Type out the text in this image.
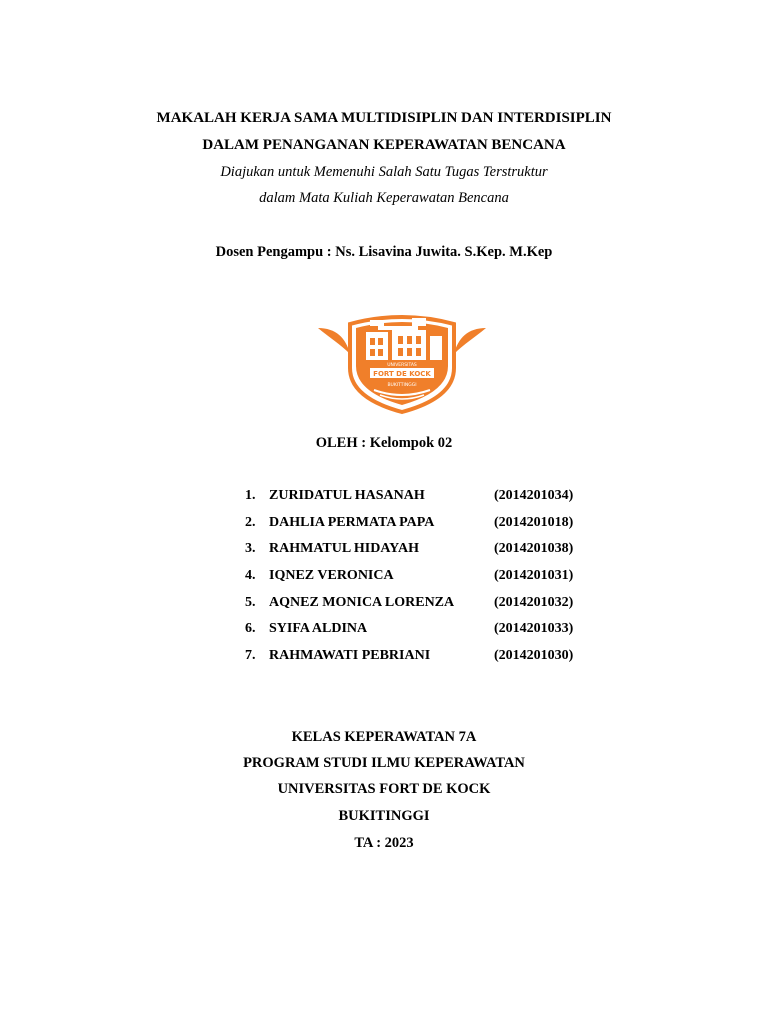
MAKALAH KERJA SAMA MULTIDISIPLIN DAN INTERDISIPLIN
DALAM PENANGANAN KEPERAWATAN BENCANA
Diajukan untuk Memenuhi Salah Satu Tugas Terstruktur
dalam Mata Kuliah Keperawatan Bencana
Dosen Pengampu : Ns. Lisavina Juwita. S.Kep. M.Kep
UNIVERSITAS
FORT DE KOCK
BUKITTINGGI
OLEH : Kelompok 02
1. ZURIDATUL HASANAH	(2014201034)
2. DAHLIA PERMATA PAPA	(2014201018)
3. RAHMATUL HIDAYAH	(2014201038)
4. IQNEZ VERONICA	(2014201031)
5. AQNEZ MONICA LORENZA	(2014201032)
6. SYIFA ALDINA	(2014201033)
7. RAHMAWATI PEBRIANI	(2014201030)
KELAS KEPERAWATAN 7A
PROGRAM STUDI ILMU KEPERAWATAN
UNIVERSITAS FORT DE KOCK
BUKITINGGI
TA : 2023
